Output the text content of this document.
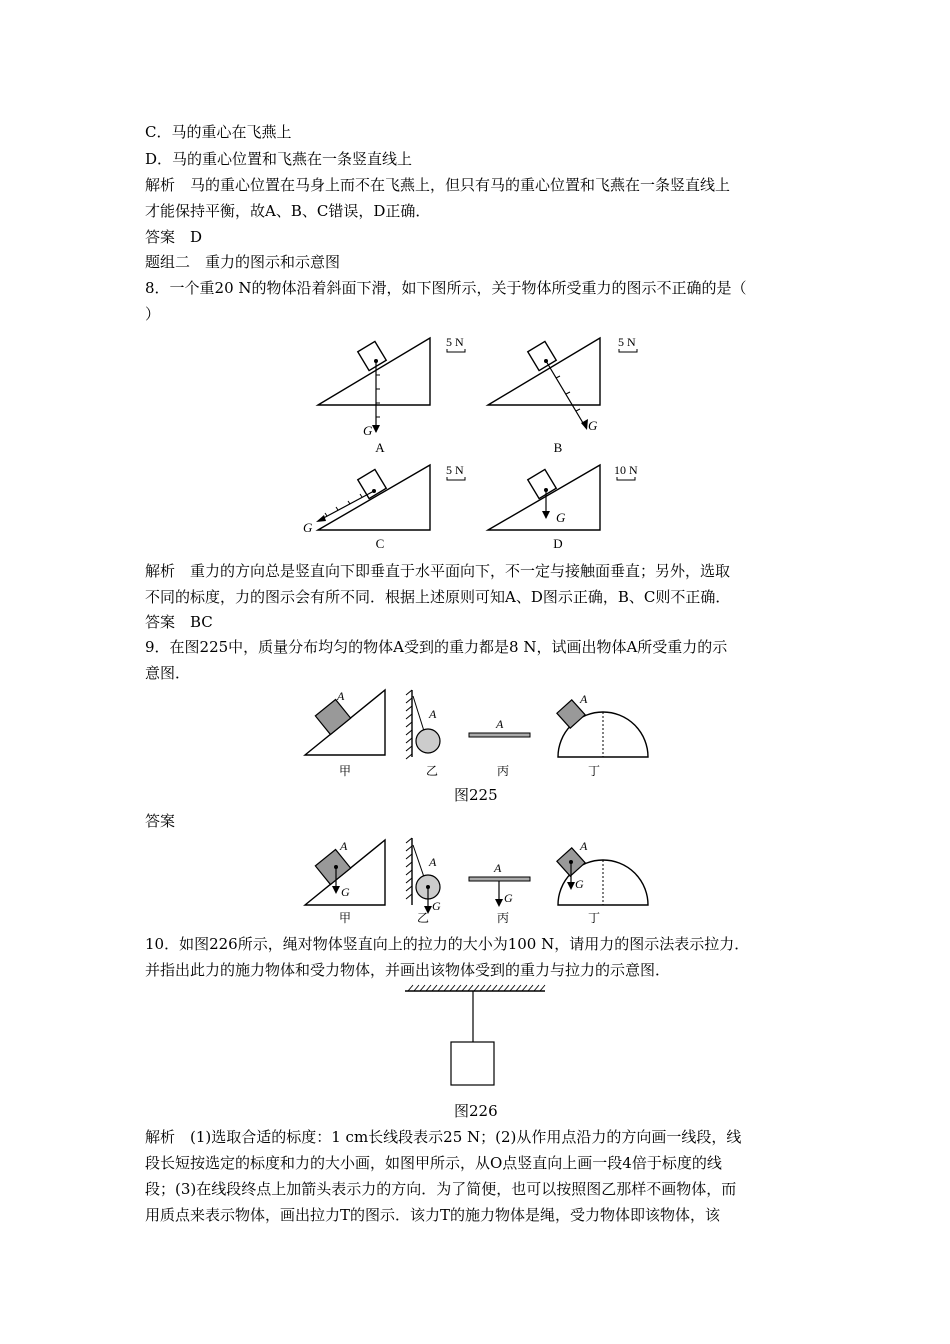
C．马的重心在飞燕上
D．马的重心位置和飞燕在一条竖直线上
解析　马的重心位置在马身上而不在飞燕上，但只有马的重心位置和飞燕在一条竖直线上
才能保持平衡，故A、B、C错误，D正确．
答案　D
题组二　重力的图示和示意图
8．一个重20 N的物体沿着斜面下滑，如下图所示，关于物体所受重力的图示不正确的是（
）
G
5 N
A
G
5 N
B
G
5 N
C
G
10 N
D
解析　重力的方向总是竖直向下即垂直于水平面向下，不一定与接触面垂直；另外，选取
不同的标度，力的图示会有所不同．根据上述原则可知A、D图示正确，B、C则不正确．
答案　BC
9．在图225中，质量分布均匀的物体A受到的重力都是8 N，试画出物体A所受重力的示
意图．
A
甲
A
乙
A
丙
A
丁
图225
答案
A
G
甲
A
G
乙
A
G
丙
A
G
丁
10．如图226所示，绳对物体竖直向上的拉力的大小为100 N，请用力的图示法表示拉力．
并指出此力的施力物体和受力物体，并画出该物体受到的重力与拉力的示意图．
图226
解析　(1)选取合适的标度：1 cm长线段表示25 N；(2)从作用点沿力的方向画一线段，线
段长短按选定的标度和力的大小画，如图甲所示，从O点竖直向上画一段4倍于标度的线
段；(3)在线段终点上加箭头表示力的方向．为了简便，也可以按照图乙那样不画物体，而
用质点来表示物体，画出拉力T的图示．该力T的施力物体是绳，受力物体即该物体，该
